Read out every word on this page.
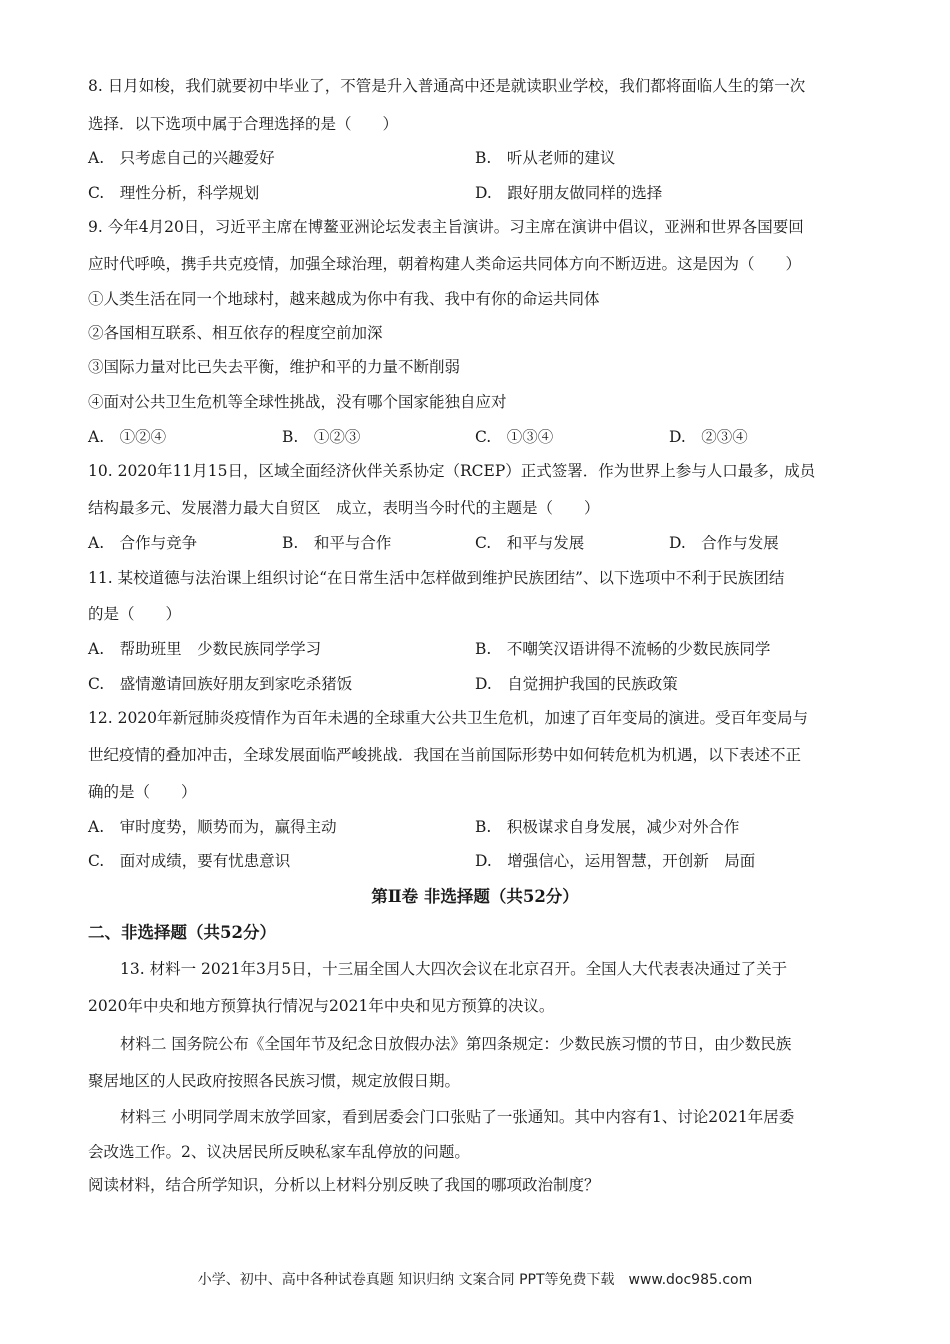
8. 日月如梭，我们就要初中毕业了，不管是升入普通高中还是就读职业学校，我们都将面临人生的第一次
选择．以下选项中属于合理选择的是（　　）
A.　只考虑自己的兴趣爱好	B.　听从老师的建议
C.　理性分析，科学规划	D.　跟好朋友做同样的选择
9. 今年4月20日，习近平主席在博鳌亚洲论坛发表主旨演讲。习主席在演讲中倡议，亚洲和世界各国要回
应时代呼唤，携手共克疫情，加强全球治理，朝着构建人类命运共同体方向不断迈进。这是因为（　　）
①人类生活在同一个地球村，越来越成为你中有我、我中有你的命运共同体
②各国相互联系、相互依存的程度空前加深
③国际力量对比已失去平衡，维护和平的力量不断削弱
④面对公共卫生危机等全球性挑战，没有哪个国家能独自应对
A.　①②④	B.　①②③	C.　①③④	D.　②③④
10. 2020年11月15日，区域全面经济伙伴关系协定（RCEP）正式签署．作为世界上参与人口最多，成员
结构最多元、发展潜力最大自贸区　成立，表明当今时代的主题是（　　）
A.　合作与竞争	B.　和平与合作	C.　和平与发展	D.　合作与发展
11. 某校道德与法治课上组织讨论“在日常生活中怎样做到维护民族团结”、以下选项中不利于民族团结
的是（　　）
A.　帮助班里　少数民族同学学习	B.　不嘲笑汉语讲得不流畅的少数民族同学
C.　盛情邀请回族好朋友到家吃杀猪饭	D.　自觉拥护我国的民族政策
12. 2020年新冠肺炎疫情作为百年未遇的全球重大公共卫生危机，加速了百年变局的演进。受百年变局与
世纪疫情的叠加冲击，全球发展面临严峻挑战．我国在当前国际形势中如何转危机为机遇，以下表述不正
确的是（　　）
A.　审时度势，顺势而为，赢得主动	B.　积极谋求自身发展，减少对外合作
C.　面对成绩，要有忧患意识	D.　增强信心，运用智慧，开创新　局面
第Ⅱ卷 非选择题（共52分）
二、非选择题（共52分）
13. 材料一 2021年3月5日，十三届全国人大四次会议在北京召开。全国人大代表表决通过了关于
2020年中央和地方预算执行情况与2021年中央和见方预算的决议。
材料二 国务院公布《全国年节及纪念日放假办法》第四条规定：少数民族习惯的节日，由少数民族
聚居地区的人民政府按照各民族习惯，规定放假日期。
材料三 小明同学周末放学回家，看到居委会门口张贴了一张通知。其中内容有1、讨论2021年居委
会改选工作。2、议决居民所反映私家车乱停放的问题。
阅读材料，结合所学知识，分析以上材料分别反映了我国的哪项政治制度？
小学、初中、高中各种试卷真题 知识归纳 文案合同 PPT等免费下载　www.doc985.com
